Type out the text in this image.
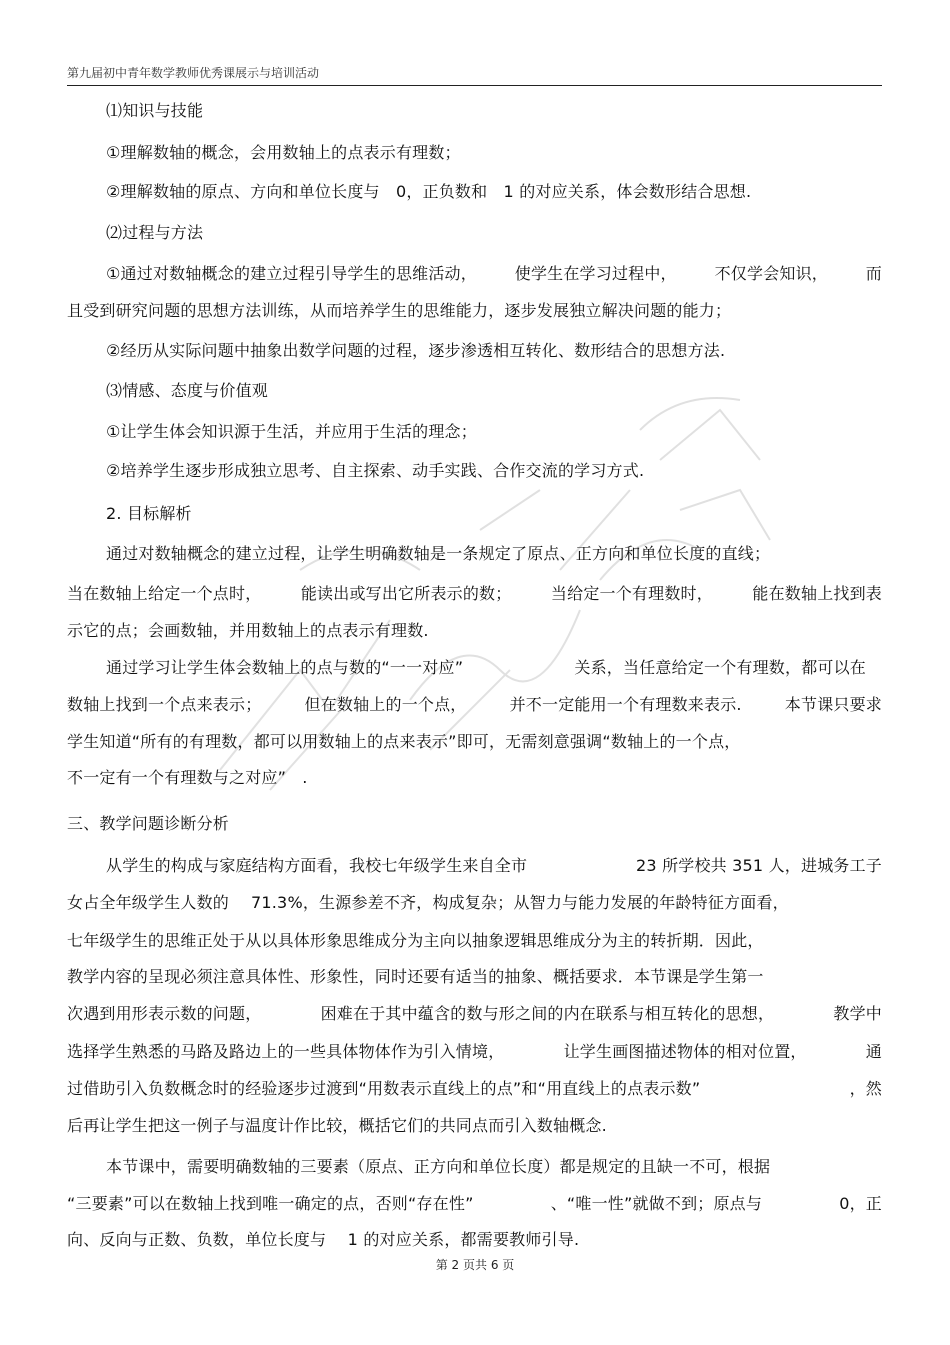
第九届初中青年数学教师优秀课展示与培训活动
⑴知识与技能
①理解数轴的概念，会用数轴上的点表示有理数；
②理解数轴的原点、方向和单位长度与　0，正负数和　1 的对应关系，体会数形结合思想.
⑵过程与方法
①通过对数轴概念的建立过程引导学生的思维活动， 使学生在学习过程中， 不仅学会知识， 而
且受到研究问题的思想方法训练，从而培养学生的思维能力，逐步发展独立解决问题的能力；
②经历从实际问题中抽象出数学问题的过程，逐步渗透相互转化、数形结合的思想方法.
⑶情感、态度与价值观
①让学生体会知识源于生活，并应用于生活的理念；
②培养学生逐步形成独立思考、自主探索、动手实践、合作交流的学习方式.
2. 目标解析
通过对数轴概念的建立过程，让学生明确数轴是一条规定了原点、正方向和单位长度的直线；
当在数轴上给定一个点时， 能读出或写出它所表示的数； 当给定一个有理数时， 能在数轴上找到表
示它的点；会画数轴，并用数轴上的点表示有理数.
通过学习让学生体会数轴上的点与数的“一一对应”	关系，当任意给定一个有理数，都可以在
数轴上找到一个点来表示；	但在数轴上的一个点，	并不一定能用一个有理数来表示.	本节课只要求
学生知道“所有的有理数，都可以用数轴上的点来表示”即可，无需刻意强调“数轴上的一个点，
不一定有一个有理数与之对应”　.
三、教学问题诊断分析
从学生的构成与家庭结构方面看，我校七年级学生来自全市	23 所学校共 351 人，进城务工子
女占全年级学生人数的 71.3%，生源参差不齐，构成复杂；从智力与能力发展的年龄特征方面看，
七年级学生的思维正处于从以具体形象思维成分为主向以抽象逻辑思维成分为主的转折期．因此，
教学内容的呈现必须注意具体性、形象性，同时还要有适当的抽象、概括要求．本节课是学生第一
次遇到用形表示数的问题，	困难在于其中蕴含的数与形之间的内在联系与相互转化的思想，	教学中
选择学生熟悉的马路及路边上的一些具体物体作为引入情境，	让学生画图描述物体的相对位置，	通
过借助引入负数概念时的经验逐步过渡到“用数表示直线上的点”和“用直线上的点表示数”	，然
后再让学生把这一例子与温度计作比较，概括它们的共同点而引入数轴概念.
本节课中，需要明确数轴的三要素（原点、正方向和单位长度）都是规定的且缺一不可，根据
“三要素”可以在数轴上找到唯一确定的点，否则“存在性”	、“唯一性”就做不到；原点与	0，正
向、反向与正数、负数，单位长度与　 1 的对应关系，都需要教师引导.
第 2 页共 6 页
